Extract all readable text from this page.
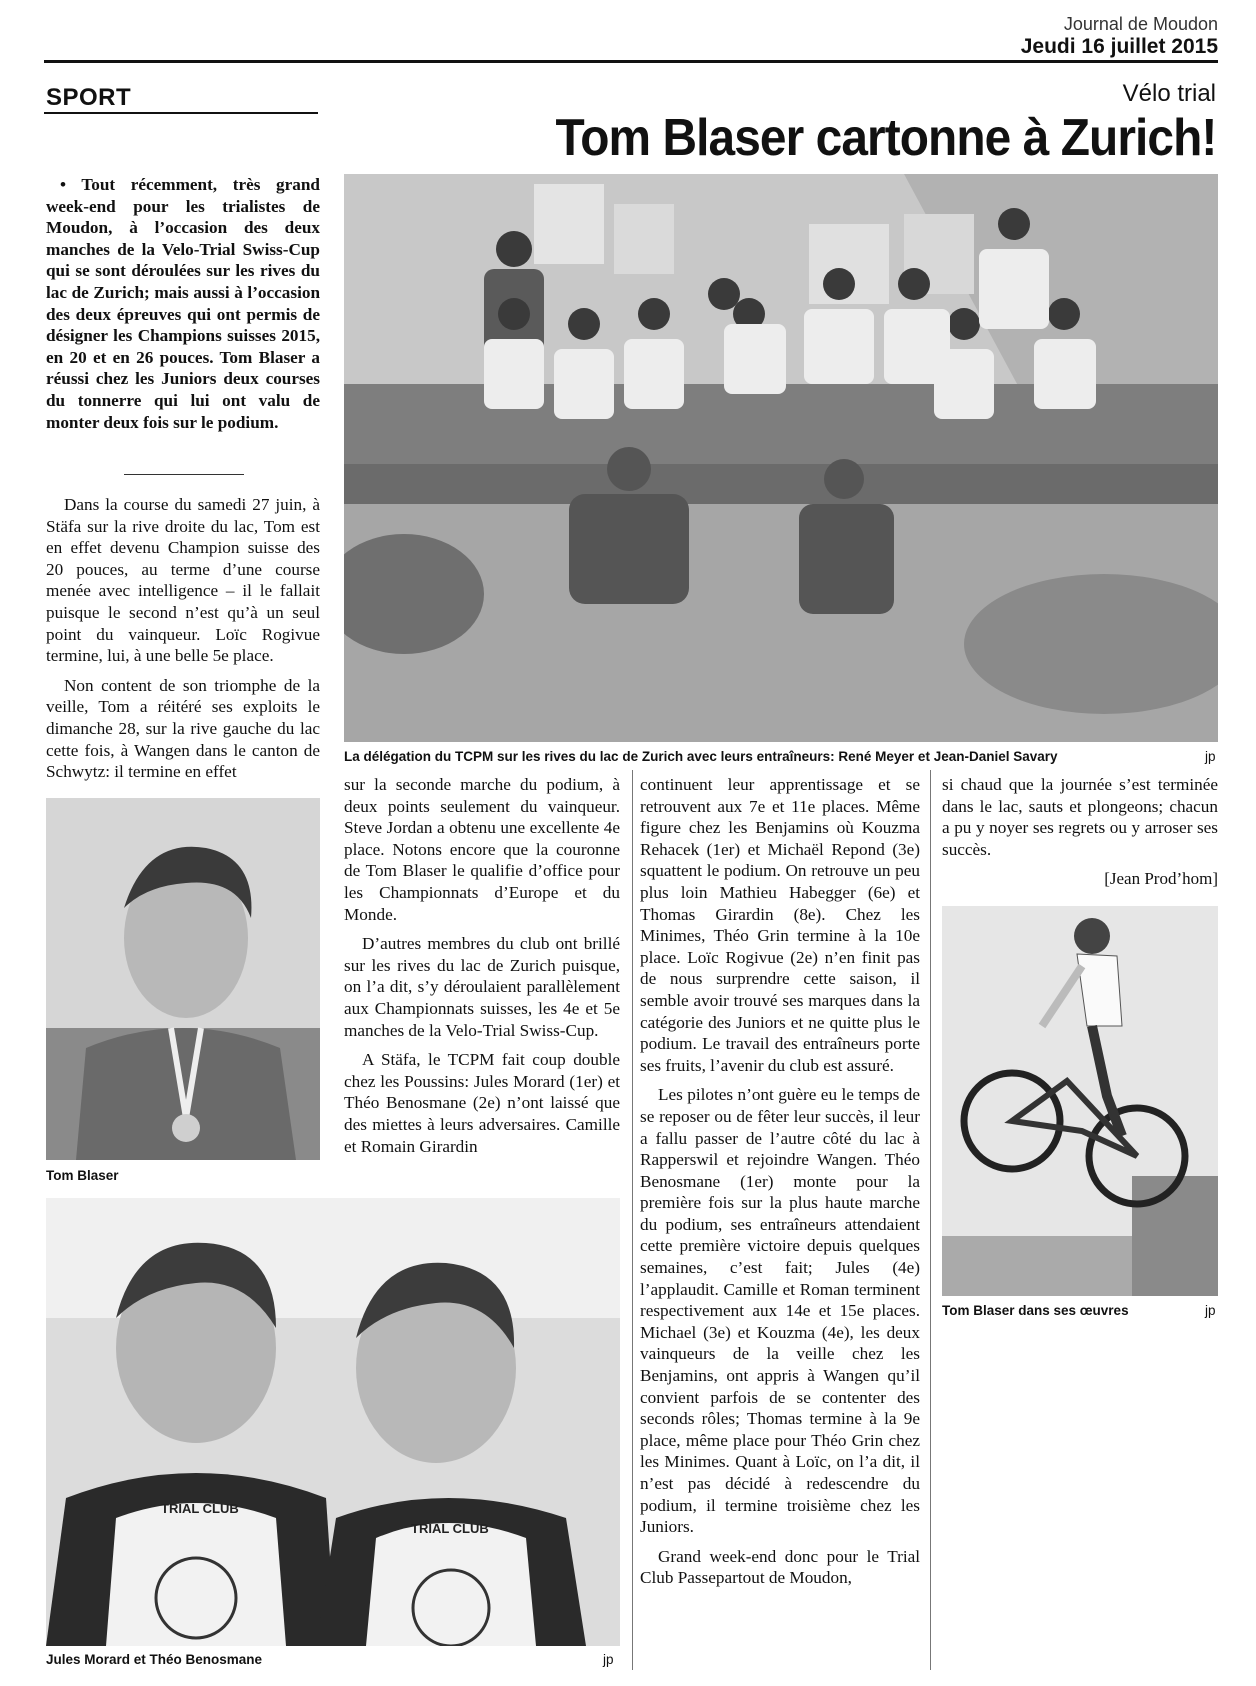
Journal de Moudon
Jeudi 16 juillet 2015
SPORT	Vélo trial
Tom Blaser cartonne à Zurich!

• Tout récemment, très grand week-end pour les trialistes de Moudon, à l’occasion des deux manches de la Velo-Trial Swiss-Cup qui se sont déroulées sur les rives du lac de Zurich; mais aussi à l’occasion des deux épreuves qui ont permis de désigner les Champions suisses 2015, en 20 et en 26 pouces. Tom Blaser a réussi chez les Juniors deux courses du tonnerre qui lui ont valu de monter deux fois sur le podium.

Dans la course du samedi 27 juin, à Stäfa sur la rive droite du lac, Tom est en effet devenu Champion suisse des 20 pouces, au terme d’une course menée avec intelligence – il le fallait puisque le second n’est qu’à un seul point du vainqueur. Loïc Rogivue termine, lui, à une belle 5e place.

Non content de son triomphe de la veille, Tom a réitéré ses exploits le dimanche 28, sur la rive gauche du lac cette fois, à Wangen dans le canton de Schwytz: il termine en effet

La délégation du TCPM sur les rives du lac de Zurich avec leurs entraîneurs: René Meyer et Jean-Daniel Savary	jp
Tom Blaser

sur la seconde marche du podium, à deux points seulement du vainqueur. Steve Jordan a obtenu une excellente 4e place. Notons encore que la couronne de Tom Blaser le qualifie d’office pour les Championnats d’Europe et du Monde.

D’autres membres du club ont brillé sur les rives du lac de Zurich puisque, on l’a dit, s’y déroulaient parallèlement aux Championnats suisses, les 4e et 5e manches de la Velo-Trial Swiss-Cup.

A Stäfa, le TCPM fait coup double chez les Poussins: Jules Morard (1er) et Théo Benosmane (2e) n’ont laissé que des miettes à leurs adversaires. Camille et Romain Girardin

continuent leur apprentissage et se retrouvent aux 7e et 11e places. Même figure chez les Benjamins où Kouzma Rehacek (1er) et Michaël Repond (3e) squattent le podium. On retrouve un peu plus loin Mathieu Habegger (6e) et Thomas Girardin (8e). Chez les Minimes, Théo Grin termine à la 10e place. Loïc Rogivue (2e) n’en finit pas de nous surprendre cette saison, il semble avoir trouvé ses marques dans la catégorie des Juniors et ne quitte plus le podium. Le travail des entraîneurs porte ses fruits, l’avenir du club est assuré.

Les pilotes n’ont guère eu le temps de se reposer ou de fêter leur succès, il leur a fallu passer de l’autre côté du lac à Rapperswil et rejoindre Wangen. Théo Benosmane (1er) monte pour la première fois sur la plus haute marche du podium, ses entraîneurs attendaient cette première victoire depuis quelques semaines, c’est fait; Jules (4e) l’applaudit. Camille et Roman terminent respectivement aux 14e et 15e places. Michael (3e) et Kouzma (4e), les deux vainqueurs de la veille chez les Benjamins, ont appris à Wangen qu’il convient parfois de se contenter des seconds rôles; Thomas termine à la 9e place, même place pour Théo Grin chez les Minimes. Quant à Loïc, on l’a dit, il n’est pas décidé à redescendre du podium, il termine troisième chez les Juniors.

Grand week-end donc pour le Trial Club Passepartout de Moudon,

si chaud que la journée s’est terminée dans le lac, sauts et plongeons; chacun a pu y noyer ses regrets ou y arroser ses succès.

[Jean Prod’hom]

Tom Blaser dans ses œuvres	jp
TRIAL CLUB
TRIAL CLUB
Jules Morard et Théo Benosmane	jp
